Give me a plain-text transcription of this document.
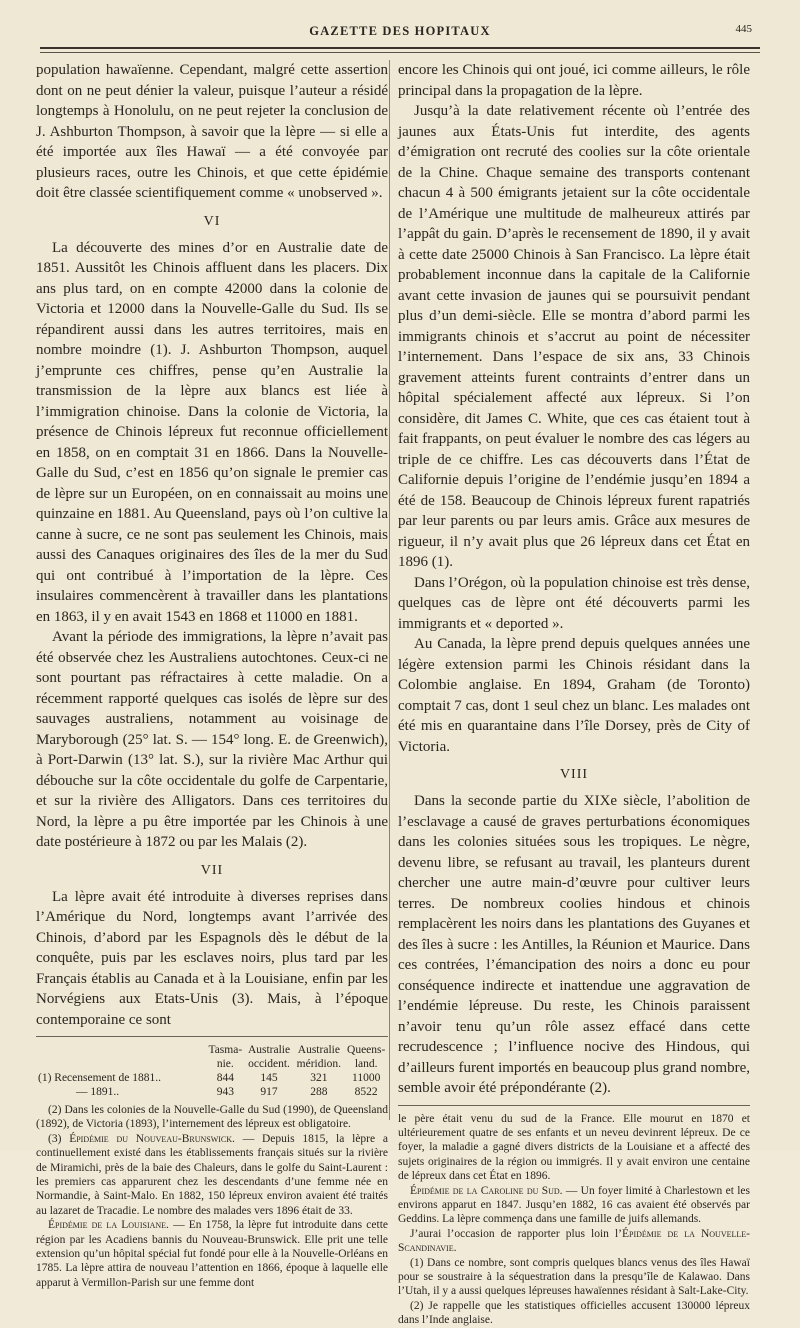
GAZETTE DES HOPITAUX	445

population hawaïenne. Cependant, malgré cette assertion dont on ne peut dénier la valeur, puisque l’auteur a résidé longtemps à Honolulu, on ne peut rejeter la conclusion de J. Ashburton Thompson, à savoir que la lèpre — si elle a été importée aux îles Hawaï — a été convoyée par plusieurs races, outre les Chinois, et que cette épidémie doit être classée scientifiquement comme « unobserved ».

VI

La découverte des mines d’or en Australie date de 1851. Aussitôt les Chinois affluent dans les placers. Dix ans plus tard, on en compte 42000 dans la colonie de Victoria et 12000 dans la Nouvelle-Galle du Sud. Ils se répandirent aussi dans les autres territoires, mais en nombre moindre (1). J. Ashburton Thompson, auquel j’emprunte ces chiffres, pense qu’en Australie la transmission de la lèpre aux blancs est liée à l’immigration chinoise. Dans la colonie de Victoria, la présence de Chinois lépreux fut reconnue officiellement en 1858, on en comptait 31 en 1866. Dans la Nouvelle-Galle du Sud, c’est en 1856 qu’on signale le premier cas de lèpre sur un Européen, on en connaissait au moins une quinzaine en 1881. Au Queensland, pays où l’on cultive la canne à sucre, ce ne sont pas seulement les Chinois, mais aussi des Canaques originaires des îles de la mer du Sud qui ont contribué à l’importation de la lèpre. Ces insulaires commencèrent à travailler dans les plantations en 1863, il y en avait 1543 en 1868 et 11000 en 1881.

Avant la période des immigrations, la lèpre n’avait pas été observée chez les Australiens autochtones. Ceux-ci ne sont pourtant pas réfractaires à cette maladie. On a récemment rapporté quelques cas isolés de lèpre sur des sauvages australiens, notamment au voisinage de Maryborough (25° lat. S. — 154° long. E. de Greenwich), à Port-Darwin (13° lat. S.), sur la rivière Mac Arthur qui débouche sur la côte occidentale du golfe de Carpentarie, et sur la rivière des Alligators. Dans ces territoires du Nord, la lèpre a pu être importée par les Chinois à une date postérieure à 1872 ou par les Malais (2).

VII

La lèpre avait été introduite à diverses reprises dans l’Amérique du Nord, longtemps avant l’arrivée des Chinois, d’abord par les Espagnols dès le début de la conquête, puis par les esclaves noirs, plus tard par les Français établis au Canada et à la Louisiane, enfin par les Norvégiens aux Etats-Unis (3). Mais, à l’époque contemporaine ce sont

	Tasma-nie.	Australie occident.	Australie méridion.	Queens-land.
(1) Recensement de 1881..	844	145	321	11000
— 1891..	943	917	288	8522

(2) Dans les colonies de la Nouvelle-Galle du Sud (1990), de Queensland (1892), de Victoria (1893), l’internement des lépreux est obligatoire.

(3) Épidémie du Nouveau-Brunswick. — Depuis 1815, la lèpre a continuellement existé dans les établissements français situés sur la rivière de Miramichi, près de la baie des Chaleurs, dans le golfe du Saint-Laurent : les premiers cas apparurent chez les descendants d’une femme née en Normandie, à Saint-Malo. En 1882, 150 lépreux environ avaient été traités au lazaret de Tracadie. Le nombre des malades vers 1896 était de 33.

Épidémie de la Louisiane. — En 1758, la lèpre fut introduite dans cette région par les Acadiens bannis du Nouveau-Brunswick. Elle prit une telle extension qu’un hôpital spécial fut fondé pour elle à la Nouvelle-Orléans en 1785. La lèpre attira de nouveau l’attention en 1866, époque à laquelle elle apparut à Vermillon-Parish sur une femme dont

encore les Chinois qui ont joué, ici comme ailleurs, le rôle principal dans la propagation de la lèpre.

Jusqu’à la date relativement récente où l’entrée des jaunes aux États-Unis fut interdite, des agents d’émigration ont recruté des coolies sur la côte orientale de la Chine. Chaque semaine des transports contenant chacun 4 à 500 émigrants jetaient sur la côte occidentale de l’Amérique une multitude de malheureux attirés par l’appât du gain. D’après le recensement de 1890, il y avait à cette date 25000 Chinois à San Francisco. La lèpre était probablement inconnue dans la capitale de la Californie avant cette invasion de jaunes qui se poursuivit pendant plus d’un demi-siècle. Elle se montra d’abord parmi les immigrants chinois et s’accrut au point de nécessiter l’internement. Dans l’espace de six ans, 33 Chinois gravement atteints furent contraints d’entrer dans un hôpital spécialement affecté aux lépreux. Si l’on considère, dit James C. White, que ces cas étaient tout à fait frappants, on peut évaluer le nombre des cas légers au triple de ce chiffre. Les cas découverts dans l’État de Californie depuis l’origine de l’endémie jusqu’en 1894 a été de 158. Beaucoup de Chinois lépreux furent rapatriés par leur parents ou par leurs amis. Grâce aux mesures de rigueur, il n’y avait plus que 26 lépreux dans cet État en 1896 (1).

Dans l’Orégon, où la population chinoise est très dense, quelques cas de lèpre ont été découverts parmi les immigrants et « deported ».

Au Canada, la lèpre prend depuis quelques années une légère extension parmi les Chinois résidant dans la Colombie anglaise. En 1894, Graham (de Toronto) comptait 7 cas, dont 1 seul chez un blanc. Les malades ont été mis en quarantaine dans l’île Dorsey, près de City of Victoria.

VIII

Dans la seconde partie du XIXe siècle, l’abolition de l’esclavage a causé de graves perturbations économiques dans les colonies situées sous les tropiques. Le nègre, devenu libre, se refusant au travail, les planteurs durent chercher une autre main-d’œuvre pour cultiver leurs terres. De nombreux coolies hindous et chinois remplacèrent les noirs dans les plantations des Guyanes et des îles à sucre : les Antilles, la Réunion et Maurice. Dans ces contrées, l’émancipation des noirs a donc eu pour conséquence indirecte et inattendue une aggravation de l’endémie lépreuse. Du reste, les Chinois paraissent n’avoir tenu qu’un rôle assez effacé dans cette recrudescence ; l’influence nocive des Hindous, qui d’ailleurs furent importés en beaucoup plus grand nombre, semble avoir été prépondérante (2).

le père était venu du sud de la France. Elle mourut en 1870 et ultérieurement quatre de ses enfants et un neveu devinrent lépreux. De ce foyer, la maladie a gagné divers districts de la Louisiane et a affecté des sujets originaires de la région ou immigrés. Il y avait environ une centaine de lépreux dans cet État en 1896.

Épidémie de la Caroline du Sud. — Un foyer limité à Charlestown et les environs apparut en 1847. Jusqu’en 1882, 16 cas avaient été observés par Geddins. La lèpre commença dans une famille de juifs allemands.

J’aurai l’occasion de rapporter plus loin l’Épidémie de la Nouvelle-Scandinavie.

(1) Dans ce nombre, sont compris quelques blancs venus des îles Hawaï pour se soustraire à la séquestration dans la presqu’île de Kalawao. Dans l’Utah, il y a aussi quelques lépreuses hawaïennes résidant à Salt-Lake-City.

(2) Je rappelle que les statistiques officielles accusent 130000 lépreux dans l’Inde anglaise.
